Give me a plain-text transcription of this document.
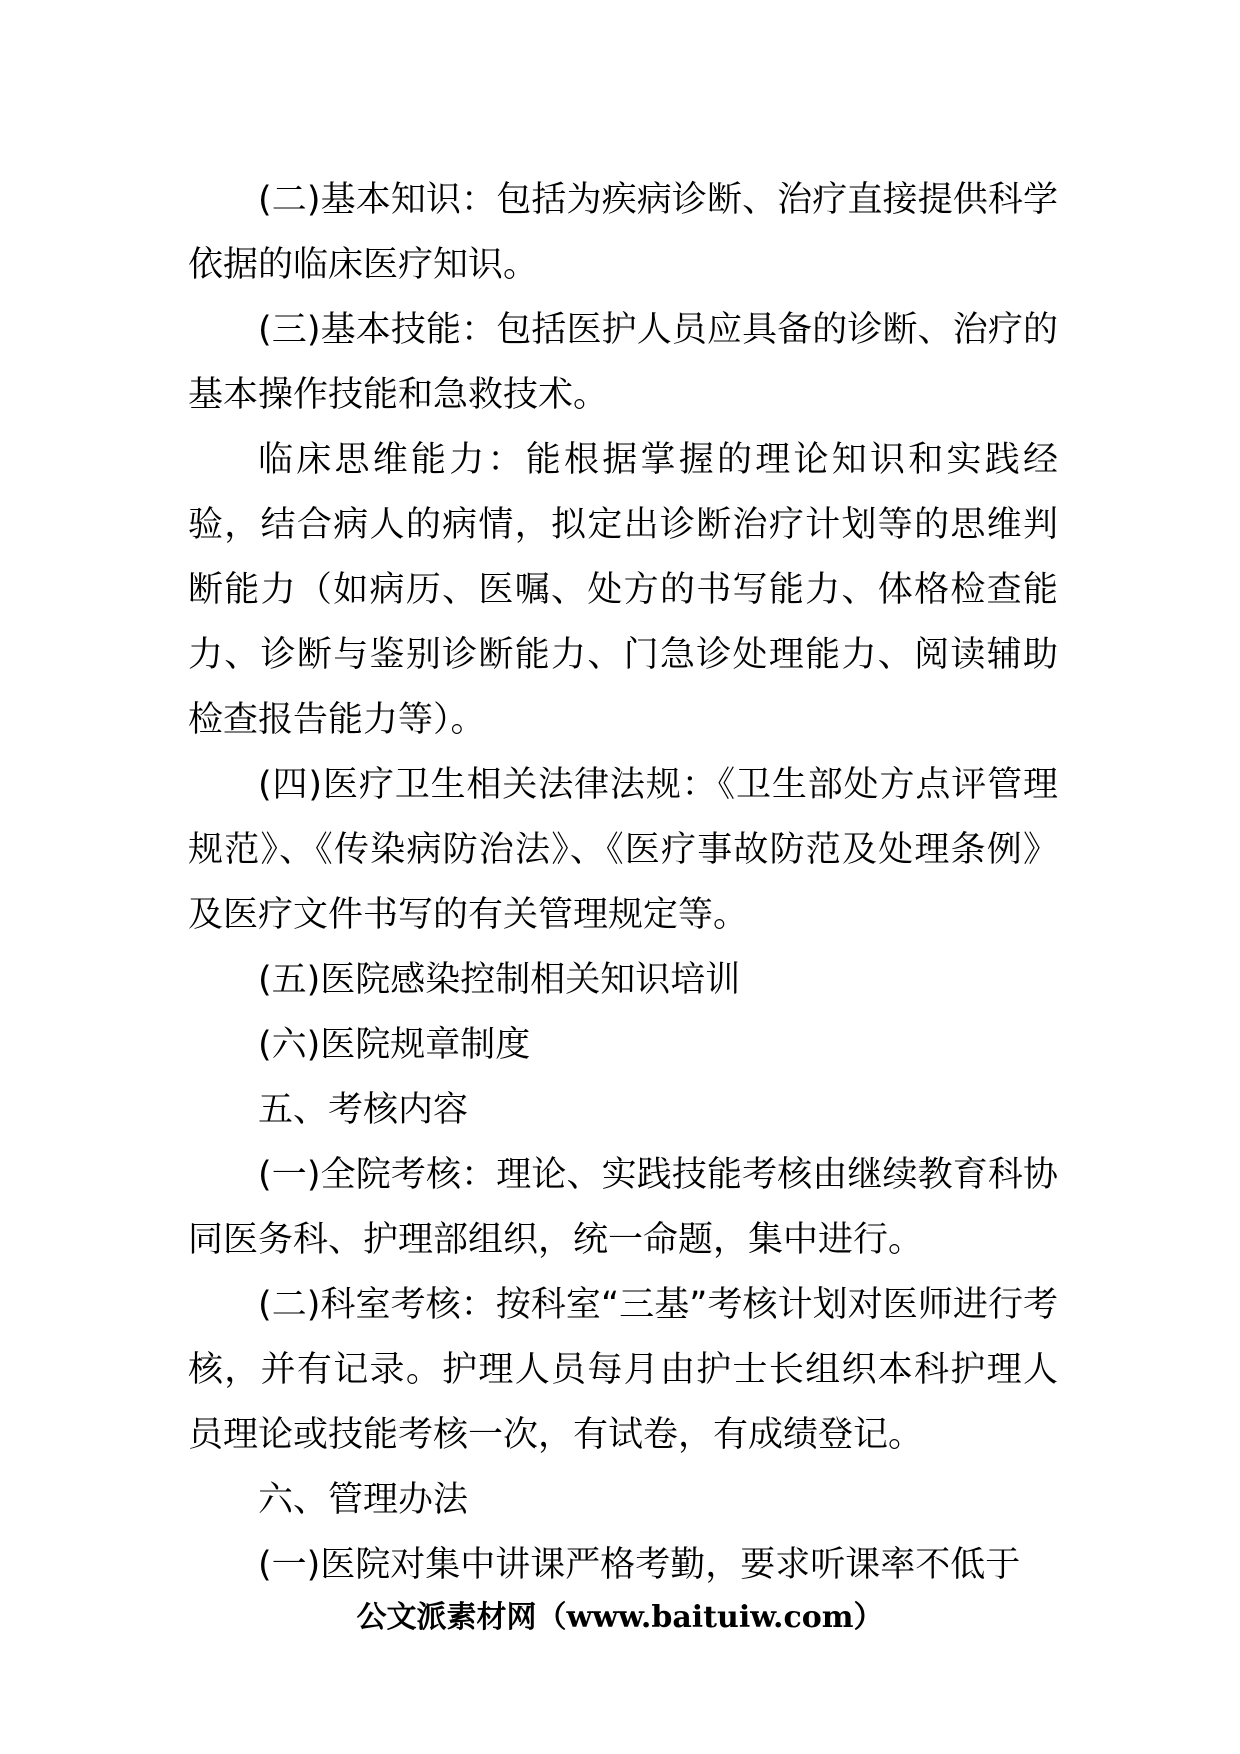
(二)基本知识：包括为疾病诊断、治疗直接提供科学依据的临床医疗知识。

(三)基本技能：包括医护人员应具备的诊断、治疗的基本操作技能和急救技术。

临床思维能力：能根据掌握的理论知识和实践经验，结合病人的病情，拟定出诊断治疗计划等的思维判断能力（如病历、医嘱、处方的书写能力、体格检查能力、诊断与鉴别诊断能力、门急诊处理能力、阅读辅助检查报告能力等）。

(四)医疗卫生相关法律法规：《卫生部处方点评管理规范》、《传染病防治法》、《医疗事故防范及处理条例》及医疗文件书写的有关管理规定等。

(五)医院感染控制相关知识培训

(六)医院规章制度

五、考核内容

(一)全院考核：理论、实践技能考核由继续教育科协同医务科、护理部组织，统一命题，集中进行。

(二)科室考核：按科室“三基”考核计划对医师进行考核，并有记录。护理人员每月由护士长组织本科护理人员理论或技能考核一次，有试卷，有成绩登记。

六、管理办法

(一)医院对集中讲课严格考勤，要求听课率不低于

公文派素材网（www.baituiw.com）
